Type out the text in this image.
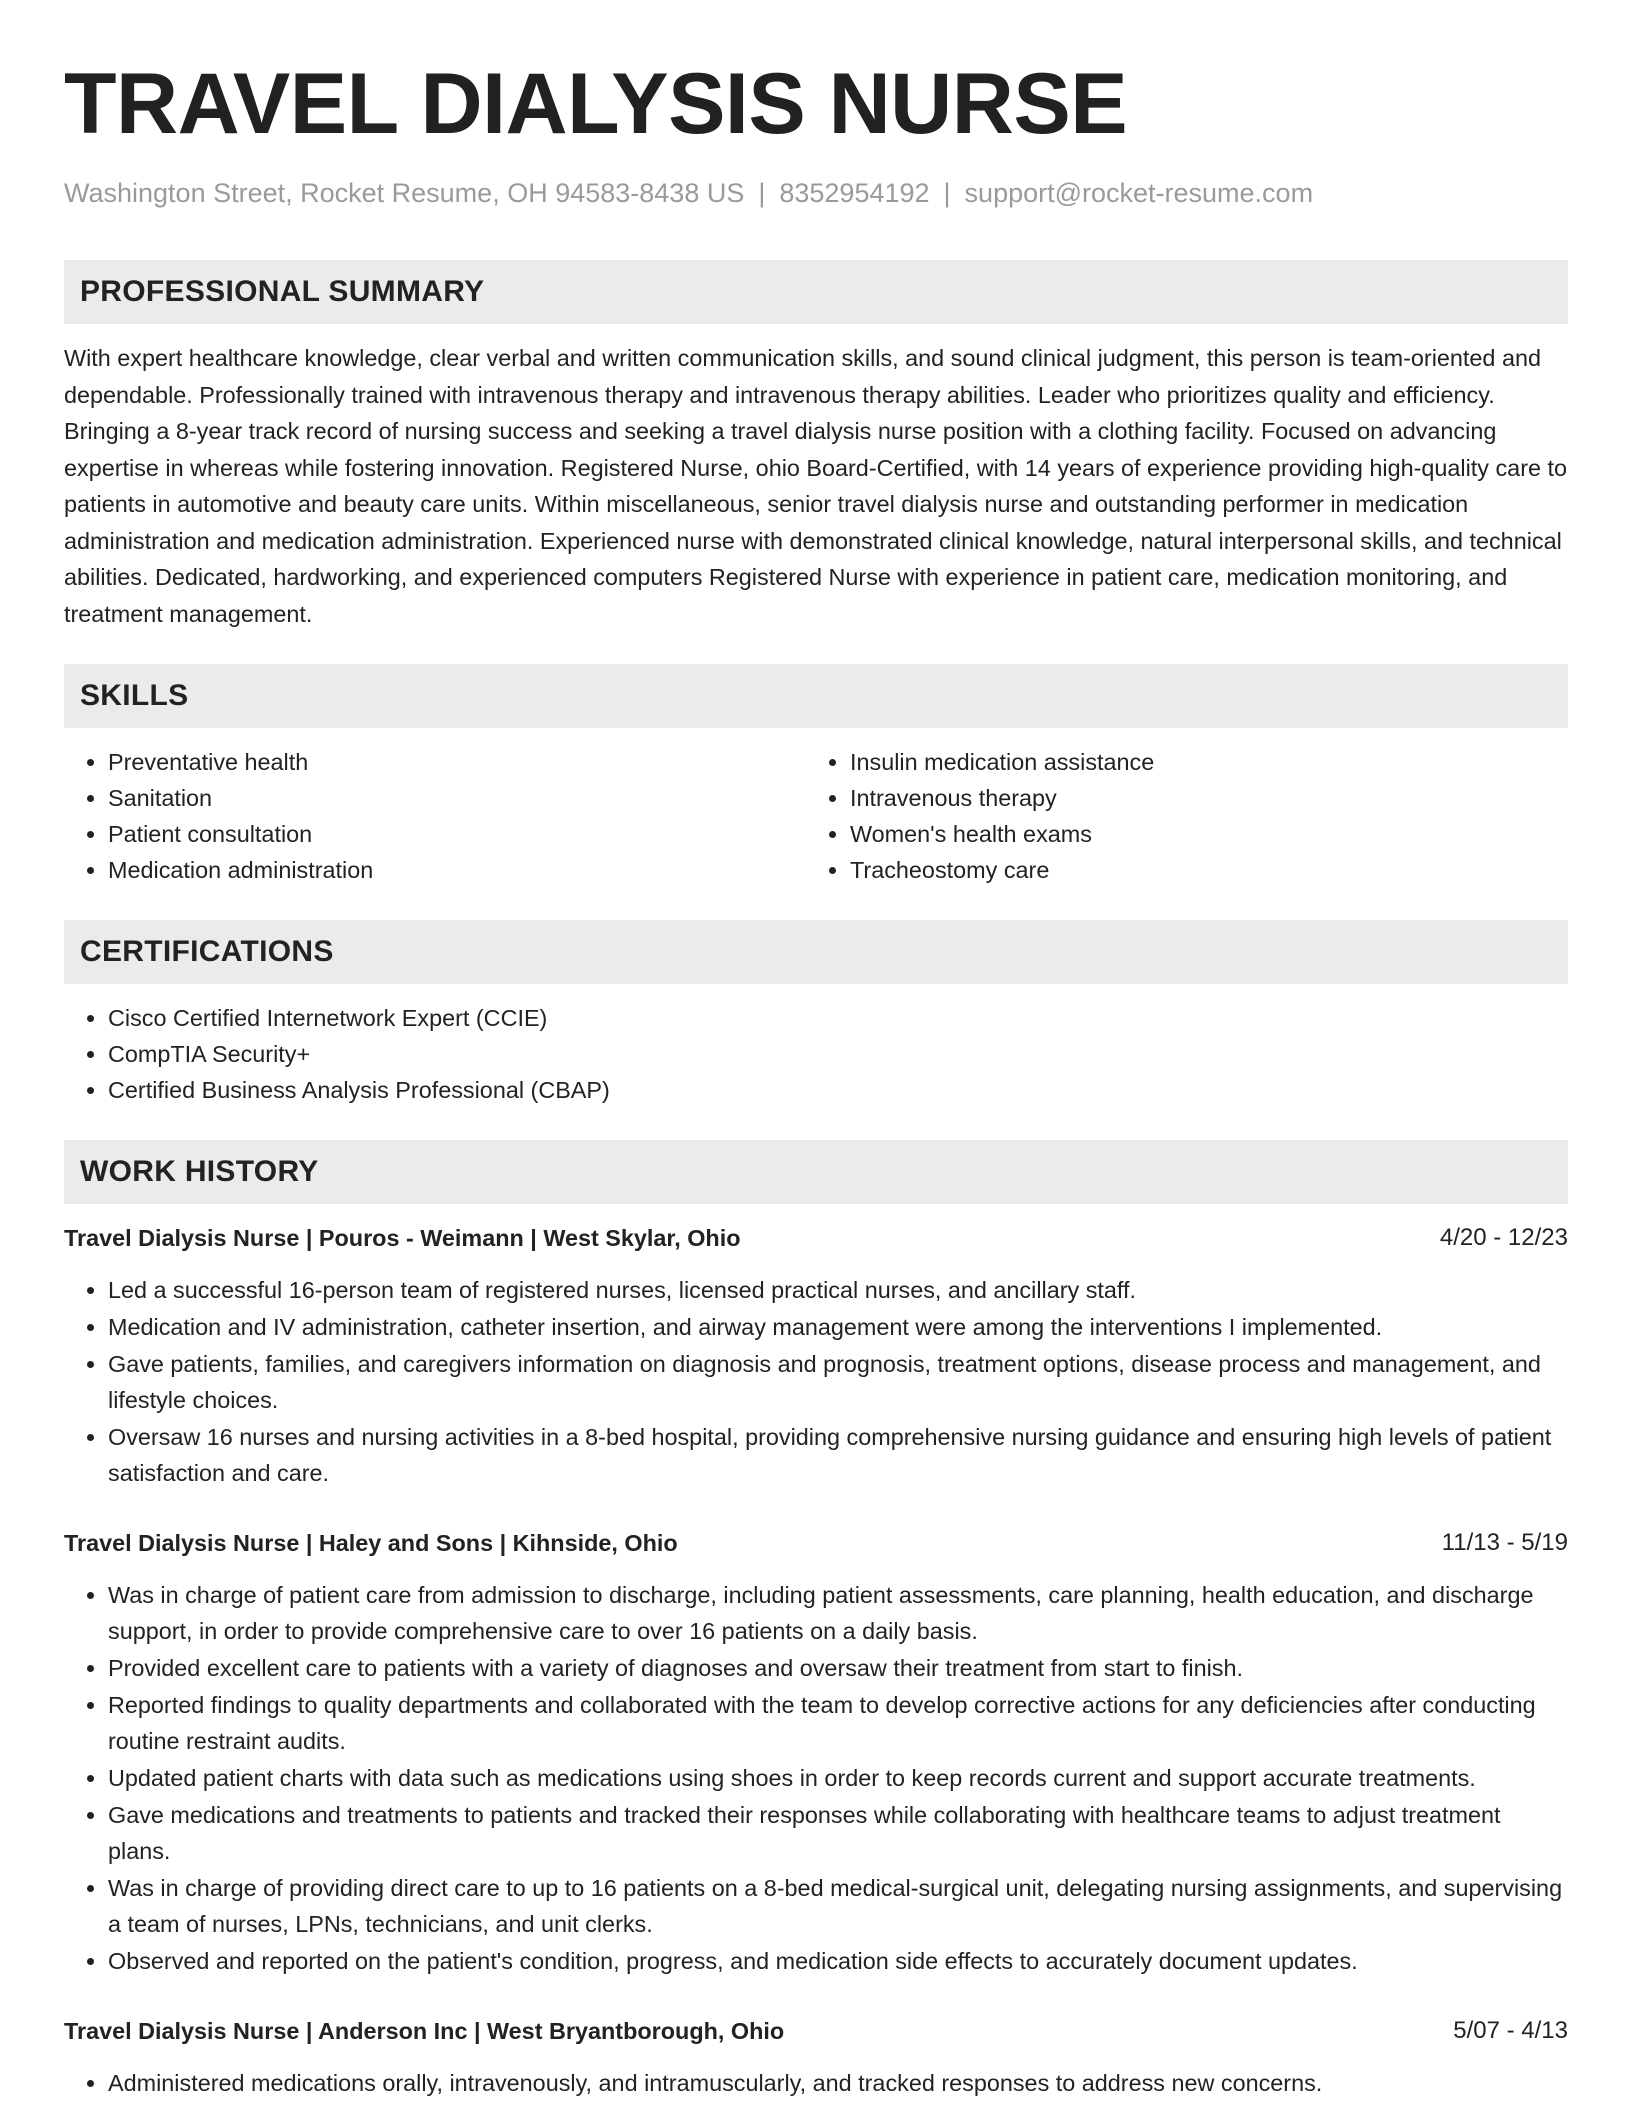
TRAVEL DIALYSIS NURSE
Washington Street, Rocket Resume, OH 94583-8438 US | 8352954192 | support@rocket-resume.com
PROFESSIONAL SUMMARY
With expert healthcare knowledge, clear verbal and written communication skills, and sound clinical judgment, this person is team-oriented and dependable. Professionally trained with intravenous therapy and intravenous therapy abilities. Leader who prioritizes quality and efficiency. Bringing a 8-year track record of nursing success and seeking a travel dialysis nurse position with a clothing facility. Focused on advancing expertise in whereas while fostering innovation. Registered Nurse, ohio Board-Certified, with 14 years of experience providing high-quality care to patients in automotive and beauty care units. Within miscellaneous, senior travel dialysis nurse and outstanding performer in medication administration and medication administration. Experienced nurse with demonstrated clinical knowledge, natural interpersonal skills, and technical abilities. Dedicated, hardworking, and experienced computers Registered Nurse with experience in patient care, medication monitoring, and treatment management.
SKILLS
• Preventative health
• Sanitation
• Patient consultation
• Medication administration
• Insulin medication assistance
• Intravenous therapy
• Women's health exams
• Tracheostomy care
CERTIFICATIONS
• Cisco Certified Internetwork Expert (CCIE)
• CompTIA Security+
• Certified Business Analysis Professional (CBAP)
WORK HISTORY
Travel Dialysis Nurse | Pouros - Weimann | West Skylar, Ohio	4/20 - 12/23
• Led a successful 16-person team of registered nurses, licensed practical nurses, and ancillary staff.
• Medication and IV administration, catheter insertion, and airway management were among the interventions I implemented.
• Gave patients, families, and caregivers information on diagnosis and prognosis, treatment options, disease process and management, and lifestyle choices.
• Oversaw 16 nurses and nursing activities in a 8-bed hospital, providing comprehensive nursing guidance and ensuring high levels of patient satisfaction and care.
Travel Dialysis Nurse | Haley and Sons | Kihnside, Ohio	11/13 - 5/19
• Was in charge of patient care from admission to discharge, including patient assessments, care planning, health education, and discharge support, in order to provide comprehensive care to over 16 patients on a daily basis.
• Provided excellent care to patients with a variety of diagnoses and oversaw their treatment from start to finish.
• Reported findings to quality departments and collaborated with the team to develop corrective actions for any deficiencies after conducting routine restraint audits.
• Updated patient charts with data such as medications using shoes in order to keep records current and support accurate treatments.
• Gave medications and treatments to patients and tracked their responses while collaborating with healthcare teams to adjust treatment plans.
• Was in charge of providing direct care to up to 16 patients on a 8-bed medical-surgical unit, delegating nursing assignments, and supervising a team of nurses, LPNs, technicians, and unit clerks.
• Observed and reported on the patient's condition, progress, and medication side effects to accurately document updates.
Travel Dialysis Nurse | Anderson Inc | West Bryantborough, Ohio	5/07 - 4/13
• Administered medications orally, intravenously, and intramuscularly, and tracked responses to address new concerns.
